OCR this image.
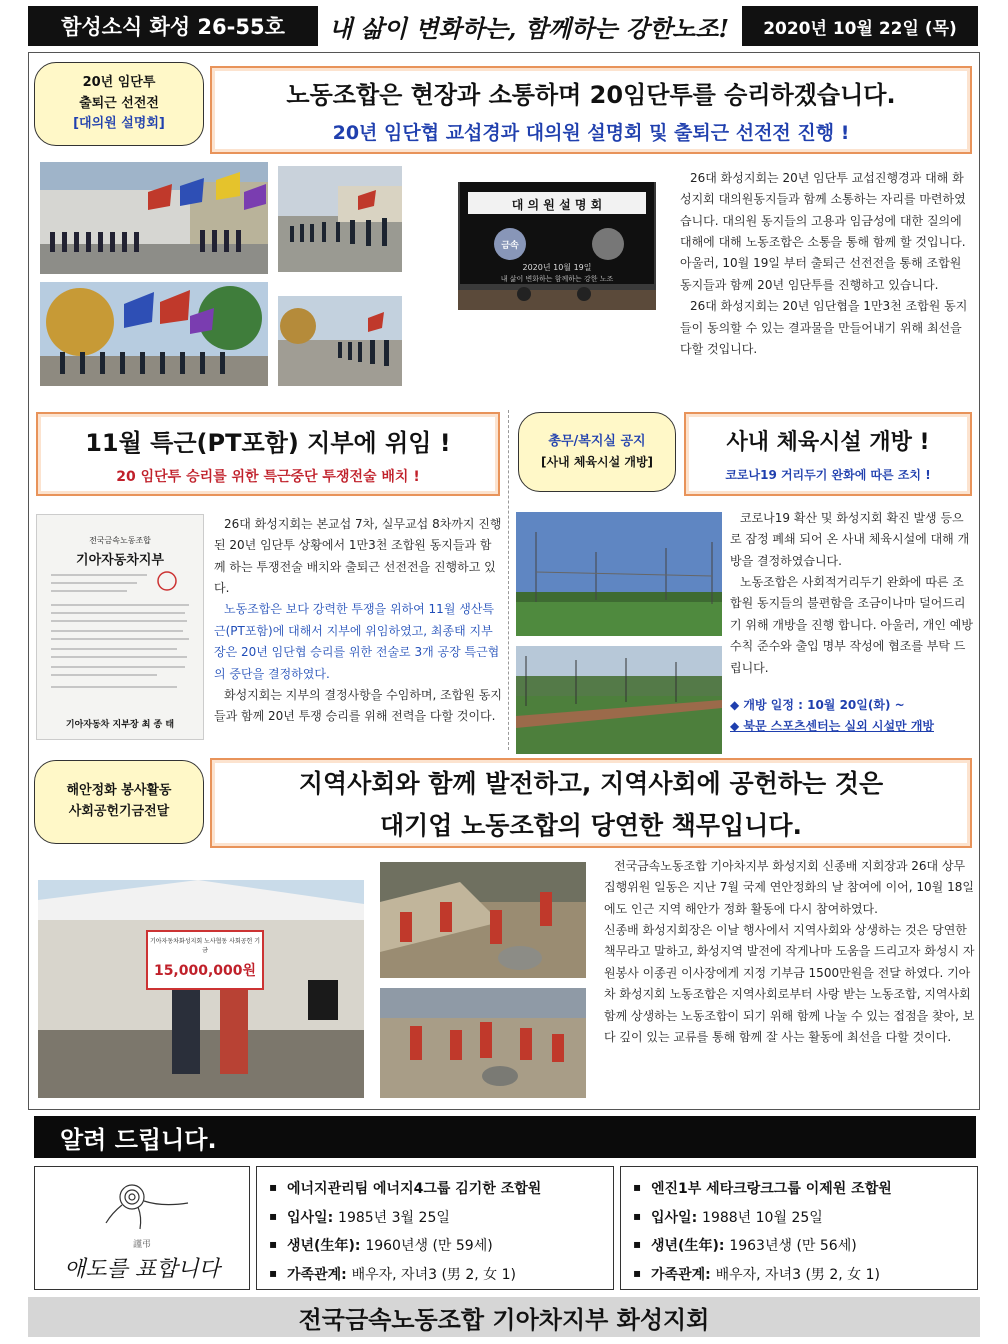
함성소식 화성 26-55호	내 삶이 변화하는, 함께하는 강한노조!	2020년 10월 22일 (목)
20년 임단투
출퇴근 선전전
[대의원 설명회]
노동조합은 현장과 소통하며 20임단투를 승리하겠습니다.
20년 임단협 교섭경과 대의원 설명회 및 출퇴근 선전전 진행 !
대 의 원 설 명 회
금속
2020년 10월 19일
내 삶이 변화하는 함께하는 강한 노조

26대 화성지회는 20년 임단투 교섭진행경과 대해 화성지회 대의원동지들과 함께 소통하는 자리를 마련하였습니다. 대의원 동지들의 고용과 임금성에 대한 질의에 대해에 대해 노동조합은 소통을 통해 함께 할 것입니다. 아울러, 10월 19일 부터 출퇴근 선전전을 통해 조합원 동지들과 함께 20년 임단투를 진행하고 있습니다.

26대 화성지회는 20년 임단협을 1만3천 조합원 동지들이 동의할 수 있는 결과물을 만들어내기 위해 최선을 다할 것입니다.

11월 특근(PT포함) 지부에 위임 !
20 임단투 승리를 위한 특근중단 투쟁전술 배치 !
전국금속노동조합
기아자동차지부
기아자동차 지부장 최 종 태

26대 화성지회는 본교섭 7차, 실무교섭 8차까지 진행된 20년 임단투 상황에서 1만3천 조합원 동지들과 함께 하는 투쟁전술 배치와 출퇴근 선전전을 진행하고 있다.

노동조합은 보다 강력한 투쟁을 위하여 11월 생산특근(PT포함)에 대해서 지부에 위임하였고, 최종태 지부장은 20년 임단협 승리를 위한 전술로 3개 공장 특근협의 중단을 결정하였다.

화성지회는 지부의 결정사항을 수임하며, 조합원 동지들과 함께 20년 투쟁 승리를 위해 전력을 다할 것이다.

총무/복지실 공지
[사내 체육시설 개방]
사내 체육시설 개방 !
코로나19 거리두기 완화에 따른 조치 !

코로나19 확산 및 화성지회 확진 발생 등으로 잠정 폐쇄 되어 온 사내 체육시설에 대해 개방을 결정하였습니다.

노동조합은 사회적거리두기 완화에 따른 조합원 동지들의 불편함을 조금이나마 덜어드리기 위해 개방을 진행 합니다. 아울러, 개인 예방수칙 준수와 출입 명부 작성에 협조를 부탁 드립니다.

◆ 개방 일정 : 10월 20일(화) ~

◆ 북문 스포츠센터는 실외 시설만 개방

해안정화 봉사활동
사회공헌기금전달
지역사회와 함께 발전하고, 지역사회에 공헌하는 것은
대기업 노동조합의 당연한 책무입니다.
기아자동차화성지회 노사협동 사회공헌 기금
15,000,000원

전국금속노동조합 기아차지부 화성지회 신종배 지회장과 26대 상무집행위원 일동은 지난 7월 국제 연안정화의 날 참여에 이어, 10월 18일에도 인근 지역 해안가 정화 활동에 다시 참여하였다.

신종배 화성지회장은 이날 행사에서 지역사회와 상생하는 것은 당연한 책무라고 말하고, 화성지역 발전에 작게나마 도움을 드리고자 화성시 자원봉사 이종권 이사장에게 지정 기부금 1500만원을 전달 하였다. 기아차 화성지회 노동조합은 지역사회로부터 사랑 받는 노동조합, 지역사회 함께 상생하는 노동조합이 되기 위해 함께 나눌 수 있는 접점을 찾아, 보다 깊이 있는 교류를 통해 함께 잘 사는 활동에 최선을 다할 것이다.

알려 드립니다.
謹弔
애도를 표합니다
▪ 에너지관리팀 에너지4그룹 김기한 조합원
▪ 입사일: 1985년 3월 25일
▪ 생년(生年): 1960년생 (만 59세)
▪ 가족관계: 배우자, 자녀3 (男 2, 女 1)
▪ 엔진1부 세타크랑크그룹 이제원 조합원
▪ 입사일: 1988년 10월 25일
▪ 생년(生年): 1963년생 (만 56세)
▪ 가족관계: 배우자, 자녀3 (男 2, 女 1)
전국금속노동조합 기아차지부 화성지회
